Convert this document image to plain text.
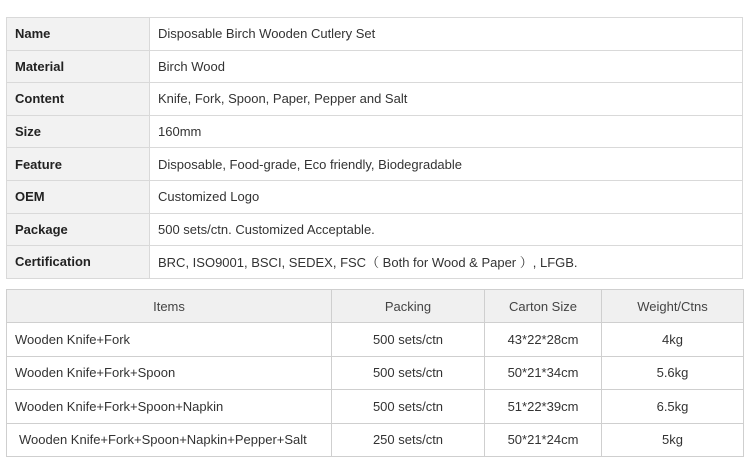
Name	Disposable Birch Wooden Cutlery Set
Material	Birch Wood
Content	Knife, Fork, Spoon, Paper, Pepper and Salt
Size	160mm
Feature	Disposable, Food-grade, Eco friendly, Biodegradable
OEM	Customized Logo
Package	500 sets/ctn. Customized Acceptable.
Certification	BRC, ISO9001, BSCI, SEDEX, FSC（ Both for Wood & Paper ）, LFGB.
Items	Packing	Carton Size	Weight/Ctns
Wooden Knife+Fork	500 sets/ctn	43*22*28cm	4kg
Wooden Knife+Fork+Spoon	500 sets/ctn	50*21*34cm	5.6kg
Wooden Knife+Fork+Spoon+Napkin	500 sets/ctn	51*22*39cm	6.5kg
Wooden Knife+Fork+Spoon+Napkin+Pepper+Salt	250 sets/ctn	50*21*24cm	5kg
